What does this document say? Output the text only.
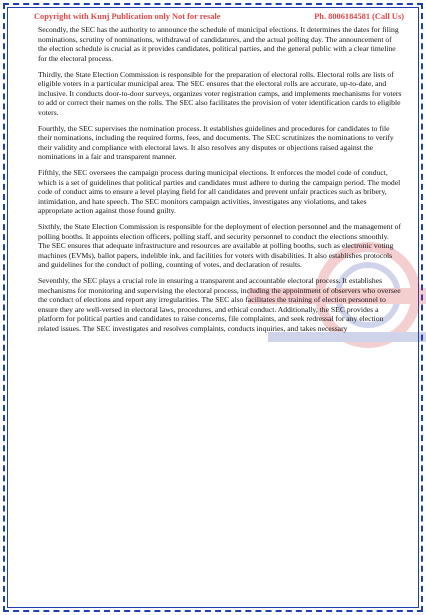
Copyright with Kunj Publication only Not for resale	Ph. 8006184581 (Call Us)

Secondly, the SEC has the authority to announce the schedule of municipal elections. It determines the dates for filing nominations, scrutiny of nominations, withdrawal of candidatures, and the actual polling day. The announcement of the election schedule is crucial as it provides candidates, political parties, and the general public with a clear timeline for the electoral process.

Thirdly, the State Election Commission is responsible for the preparation of electoral rolls. Electoral rolls are lists of eligible voters in a particular municipal area. The SEC ensures that the electoral rolls are accurate, up-to-date, and inclusive. It conducts door-to-door surveys, organizes voter registration camps, and implements mechanisms for voters to add or correct their names on the rolls. The SEC also facilitates the provision of voter identification cards to eligible voters.

Fourthly, the SEC supervises the nomination process. It establishes guidelines and procedures for candidates to file their nominations, including the required forms, fees, and documents. The SEC scrutinizes the nominations to verify their validity and compliance with electoral laws. It also resolves any disputes or objections raised against the nominations in a fair and transparent manner.

Fifthly, the SEC oversees the campaign process during municipal elections. It enforces the model code of conduct, which is a set of guidelines that political parties and candidates must adhere to during the campaign period. The model code of conduct aims to ensure a level playing field for all candidates and prevent unfair practices such as bribery, intimidation, and hate speech. The SEC monitors campaign activities, investigates any violations, and takes appropriate action against those found guilty.

Sixthly, the State Election Commission is responsible for the deployment of election personnel and the management of polling booths. It appoints election officers, polling staff, and security personnel to conduct the elections smoothly. The SEC ensures that adequate infrastructure and resources are available at polling booths, such as electronic voting machines (EVMs), ballot papers, indelible ink, and facilities for voters with disabilities. It also establishes protocols and guidelines for the conduct of polling, counting of votes, and declaration of results.

Seventhly, the SEC plays a crucial role in ensuring a transparent and accountable electoral process. It establishes mechanisms for monitoring and supervising the electoral process, including the appointment of observers who oversee the conduct of elections and report any irregularities. The SEC also facilitates the training of election personnel to ensure they are well-versed in electoral laws, procedures, and ethical conduct. Additionally, the SEC provides a platform for political parties and candidates to raise concerns, file complaints, and seek redressal for any election related issues. The SEC investigates and resolves complaints, conducts inquiries, and takes necessary
